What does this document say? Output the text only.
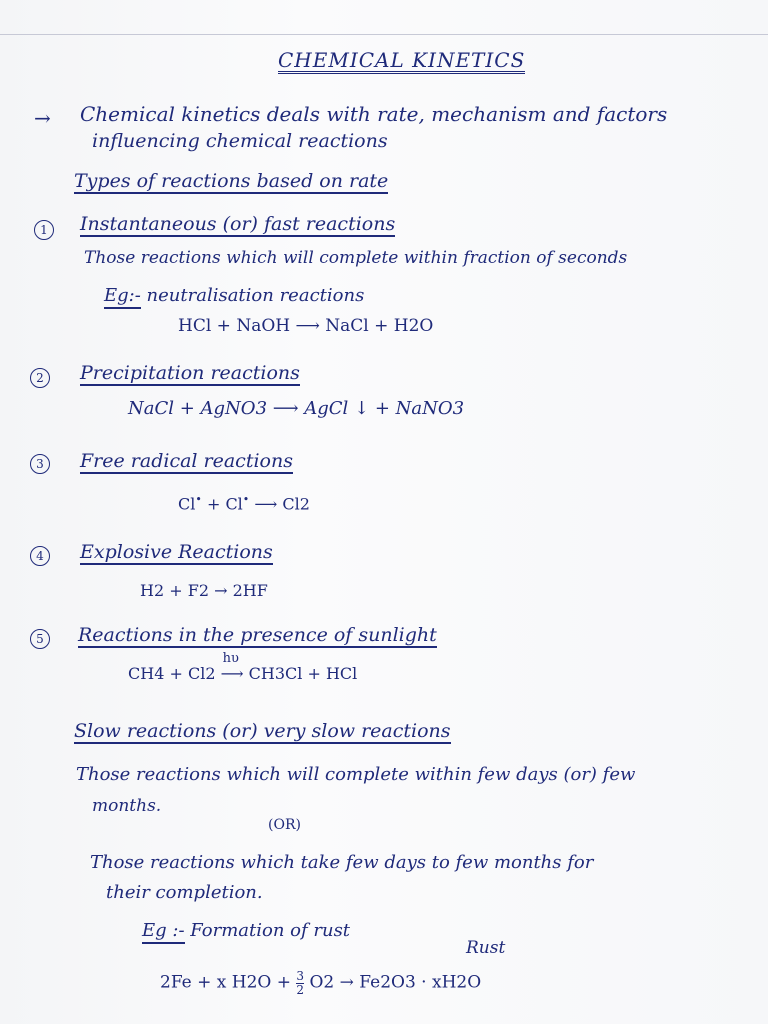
CHEMICAL KINETICS
→ Chemical kinetics deals with rate, mechanism and factors
influencing chemical reactions
Types of reactions based on rate
1	Instantaneous (or) fast reactions
Those reactions which will complete within fraction of seconds
Eg:- neutralisation reactions
HCl + NaOH ⟶ NaCl + H2O
2	Precipitation reactions
NaCl + AgNO3 ⟶ AgCl ↓ + NaNO3
3	Free radical reactions
Cl• + Cl• ⟶ Cl2
4	Explosive Reactions
H2 + F2 → 2HF
5	Reactions in the presence of sunlight
CH4 + Cl2
hυ
⟶ CH3Cl + HCl
Slow reactions (or) very slow reactions
Those reactions which will complete within few days (or) few
months.
(OR)
Those reactions which take few days to few months for
their completion.
Eg :- Formation of rust
Rust
2Fe + x $H2O + \frac{3}{2} O2 \to Fe2O3 \cdot xH2O$
